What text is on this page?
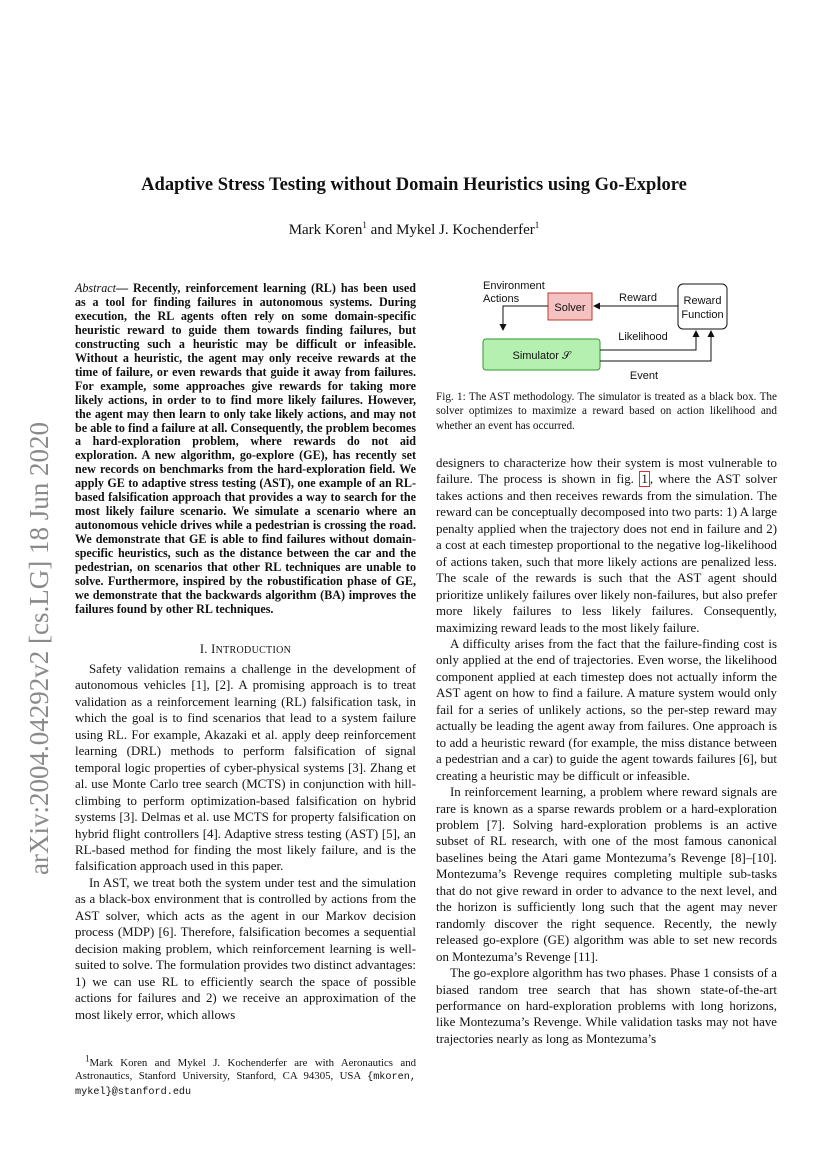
arXiv:2004.04292v2 [cs.LG] 18 Jun 2020
Adaptive Stress Testing without Domain Heuristics using Go-Explore
Mark Koren$^1$ and Mykel J. Kochenderfer$^1$
Abstract— Recently, reinforcement learning (RL) has been used as a tool for finding failures in autonomous systems. During execution, the RL agents often rely on some domain-specific heuristic reward to guide them towards finding failures, but constructing such a heuristic may be difficult or infeasible. Without a heuristic, the agent may only receive rewards at the time of failure, or even rewards that guide it away from failures. For example, some approaches give rewards for taking more likely actions, in order to to find more likely failures. However, the agent may then learn to only take likely actions, and may not be able to find a failure at all. Consequently, the problem becomes a hard-exploration problem, where rewards do not aid exploration. A new algorithm, go-explore (GE), has recently set new records on benchmarks from the hard-exploration field. We apply GE to adaptive stress testing (AST), one example of an RL-based falsification approach that provides a way to search for the most likely failure scenario. We simulate a scenario where an autonomous vehicle drives while a pedestrian is crossing the road. We demonstrate that GE is able to find failures without domain-specific heuristics, such as the distance between the car and the pedestrian, on scenarios that other RL techniques are unable to solve. Furthermore, inspired by the robustification phase of GE, we demonstrate that the backwards algorithm (BA) improves the failures found by other RL techniques.
I. INTRODUCTION

Safety validation remains a challenge in the development of autonomous vehicles [1], [2]. A promising approach is to treat validation as a reinforcement learning (RL) falsification task, in which the goal is to find scenarios that lead to a system failure using RL. For example, Akazaki et al. apply deep reinforcement learning (DRL) methods to perform falsification of signal temporal logic properties of cyber-physical systems [3]. Zhang et al. use Monte Carlo tree search (MCTS) in conjunction with hill-climbing to perform optimization-based falsification on hybrid systems [3]. Delmas et al. use MCTS for property falsification on hybrid flight controllers [4]. Adaptive stress testing (AST) [5], an RL-based method for finding the most likely failure, and is the falsification approach used in this paper.

In AST, we treat both the system under test and the simulation as a black-box environment that is controlled by actions from the AST solver, which acts as the agent in our Markov decision process (MDP) [6]. Therefore, falsification becomes a sequential decision making problem, which reinforcement learning is well-suited to solve. The formulation provides two distinct advantages: 1) we can use RL to efficiently search the space of possible actions for failures and 2) we receive an approximation of the most likely error, which allows

$^1$Mark Koren and Mykel J. Kochenderfer are with Aeronautics and Astronautics, Stanford University, Stanford, CA 94305, USA {mkoren, mykel}@stanford.edu
Environment
Actions
Solver
Reward
Function
Reward
Simulator 𝒮
Likelihood
Event
Fig. 1: The AST methodology. The simulator is treated as a black box. The solver optimizes to maximize a reward based on action likelihood and whether an event has occurred.

designers to characterize how their system is most vulnerable to failure. The process is shown in fig. 1 , where the AST solver takes actions and then receives rewards from the simulation. The reward can be conceptually decomposed into two parts: 1) A large penalty applied when the trajectory does not end in failure and 2) a cost at each timestep proportional to the negative log-likelihood of actions taken, such that more likely actions are penalized less. The scale of the rewards is such that the AST agent should prioritize unlikely failures over likely non-failures, but also prefer more likely failures to less likely failures. Consequently, maximizing reward leads to the most likely failure.

A difficulty arises from the fact that the failure-finding cost is only applied at the end of trajectories. Even worse, the likelihood component applied at each timestep does not actually inform the AST agent on how to find a failure. A mature system would only fail for a series of unlikely actions, so the per-step reward may actually be leading the agent away from failures. One approach is to add a heuristic reward (for example, the miss distance between a pedestrian and a car) to guide the agent towards failures [6], but creating a heuristic may be difficult or infeasible.

In reinforcement learning, a problem where reward signals are rare is known as a sparse rewards problem or a hard-exploration problem [7]. Solving hard-exploration problems is an active subset of RL research, with one of the most famous canonical baselines being the Atari game Montezuma’s Revenge [8]–[10]. Montezuma’s Revenge requires completing multiple sub-tasks that do not give reward in order to advance to the next level, and the horizon is sufficiently long such that the agent may never randomly discover the right sequence. Recently, the newly released go-explore (GE) algorithm was able to set new records on Montezuma’s Revenge [11].

The go-explore algorithm has two phases. Phase 1 consists of a biased random tree search that has shown state-of-the-art performance on hard-exploration problems with long horizons, like Montezuma’s Revenge. While validation tasks may not have trajectories nearly as long as Montezuma’s
